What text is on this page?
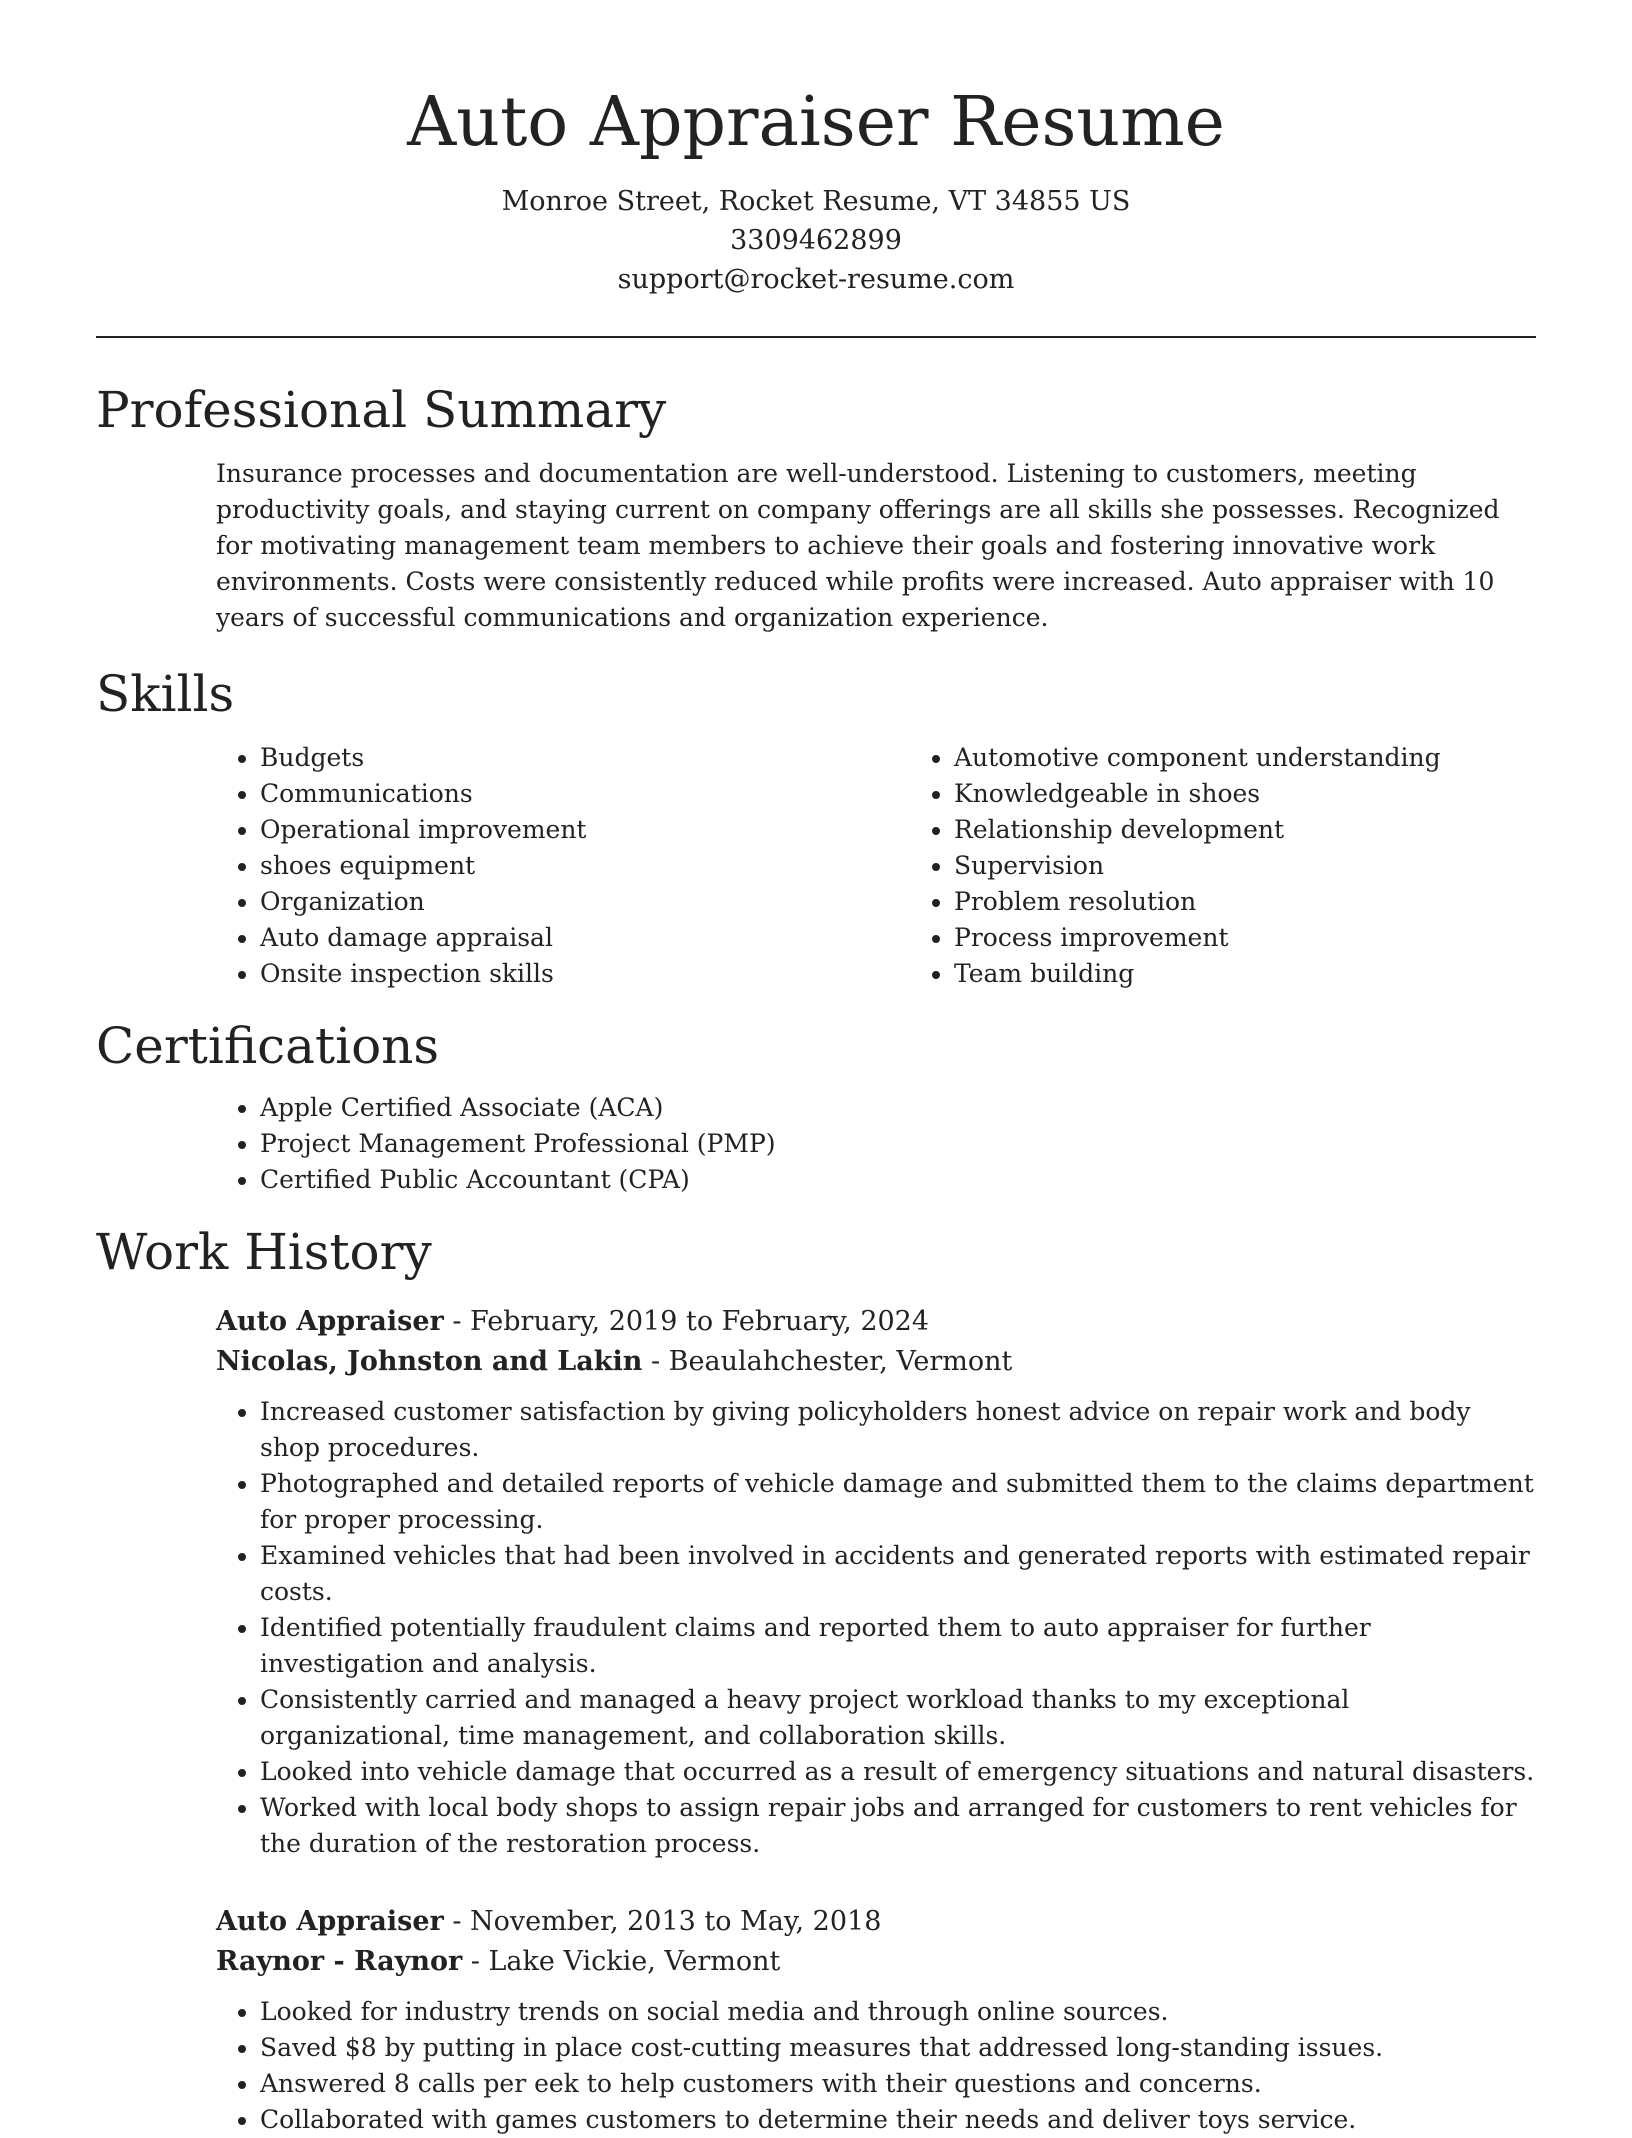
Auto Appraiser Resume
Monroe Street, Rocket Resume, VT 34855 US
3309462899
support@rocket-resume.com
Professional Summary

Insurance processes and documentation are well-understood. Listening to customers, meeting productivity goals, and staying current on company offerings are all skills she possesses. Recognized for motivating management team members to achieve their goals and fostering innovative work environments. Costs were consistently reduced while profits were increased. Auto appraiser with 10 years of successful communications and organization experience.

Skills
• Budgets
• Communications
• Operational improvement
• shoes equipment
• Organization
• Auto damage appraisal
• Onsite inspection skills
• Automotive component understanding
• Knowledgeable in shoes
• Relationship development
• Supervision
• Problem resolution
• Process improvement
• Team building
Certifications
• Apple Certified Associate (ACA)
• Project Management Professional (PMP)
• Certified Public Accountant (CPA)
Work History
Auto Appraiser - February, 2019 to February, 2024
Nicolas, Johnston and Lakin - Beaulahchester, Vermont
• Increased customer satisfaction by giving policyholders honest advice on repair work and body shop procedures.
• Photographed and detailed reports of vehicle damage and submitted them to the claims department for proper processing.
• Examined vehicles that had been involved in accidents and generated reports with estimated repair costs.
• Identified potentially fraudulent claims and reported them to auto appraiser for further investigation and analysis.
• Consistently carried and managed a heavy project workload thanks to my exceptional organizational, time management, and collaboration skills.
• Looked into vehicle damage that occurred as a result of emergency situations and natural disasters.
• Worked with local body shops to assign repair jobs and arranged for customers to rent vehicles for the duration of the restoration process.
Auto Appraiser - November, 2013 to May, 2018
Raynor - Raynor - Lake Vickie, Vermont
• Looked for industry trends on social media and through online sources.
• Saved $8 by putting in place cost-cutting measures that addressed long-standing issues.
• Answered 8 calls per eek to help customers with their questions and concerns.
• Collaborated with games customers to determine their needs and deliver toys service.
